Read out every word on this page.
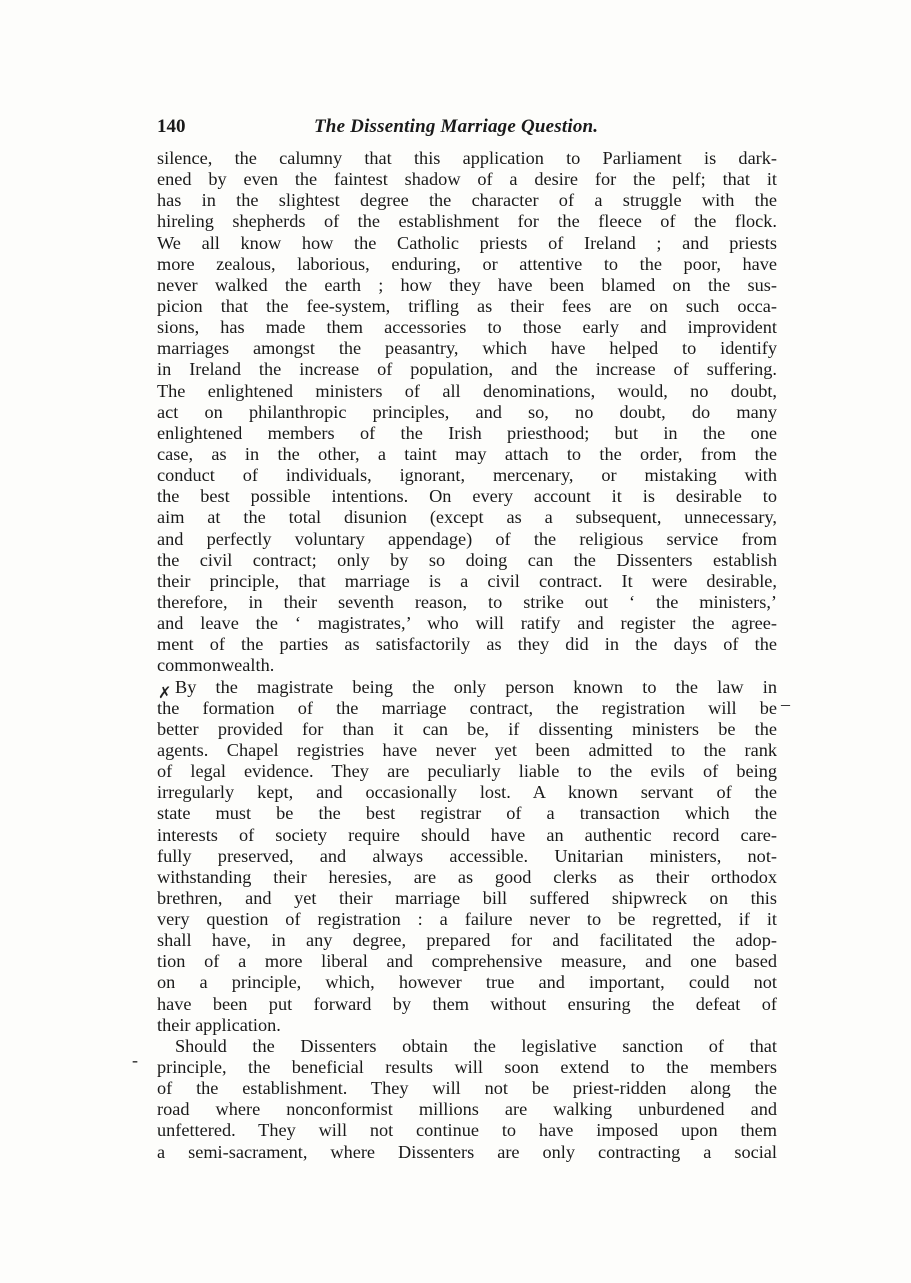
140	The Dissenting Marriage Question.
silence, the calumny that this application to Parliament is dark-
ened by even the faintest shadow of a desire for the pelf; that it
has in the slightest degree the character of a struggle with the
hireling shepherds of the establishment for the fleece of the flock.
We all know how the Catholic priests of Ireland ; and priests
more zealous, laborious, enduring, or attentive to the poor, have
never walked the earth ; how they have been blamed on the sus-
picion that the fee-system, trifling as their fees are on such occa-
sions, has made them accessories to those early and improvident
marriages amongst the peasantry, which have helped to identify
in Ireland the increase of population, and the increase of suffering.
The enlightened ministers of all denominations, would, no doubt,
act on philanthropic principles, and so, no doubt, do many
enlightened members of the Irish priesthood; but in the one
case, as in the other, a taint may attach to the order, from the
conduct of individuals, ignorant, mercenary, or mistaking with
the best possible intentions. On every account it is desirable to
aim at the total disunion (except as a subsequent, unnecessary,
and perfectly voluntary appendage) of the religious service from
the civil contract; only by so doing can the Dissenters establish
their principle, that marriage is a civil contract. It were desirable,
therefore, in their seventh reason, to strike out ‘ the ministers,’
and leave the ‘ magistrates,’ who will ratify and register the agree-
ment of the parties as satisfactorily as they did in the days of the
commonwealth.
By the magistrate being the only person known to the law in
the formation of the marriage contract, the registration will be
better provided for than it can be, if dissenting ministers be the
agents. Chapel registries have never yet been admitted to the rank
of legal evidence. They are peculiarly liable to the evils of being
irregularly kept, and occasionally lost. A known servant of the
state must be the best registrar of a transaction which the
interests of society require should have an authentic record care-
fully preserved, and always accessible. Unitarian ministers, not-
withstanding their heresies, are as good clerks as their orthodox
brethren, and yet their marriage bill suffered shipwreck on this
very question of registration : a failure never to be regretted, if it
shall have, in any degree, prepared for and facilitated the adop-
tion of a more liberal and comprehensive measure, and one based
on a principle, which, however true and important, could not
have been put forward by them without ensuring the defeat of
their application.
Should the Dissenters obtain the legislative sanction of that
principle, the beneficial results will soon extend to the members
of the establishment. They will not be priest-ridden along the
road where nonconformist millions are walking unburdened and
unfettered. They will not continue to have imposed upon them
a semi-sacrament, where Dissenters are only contracting a social
✗
–
‑
